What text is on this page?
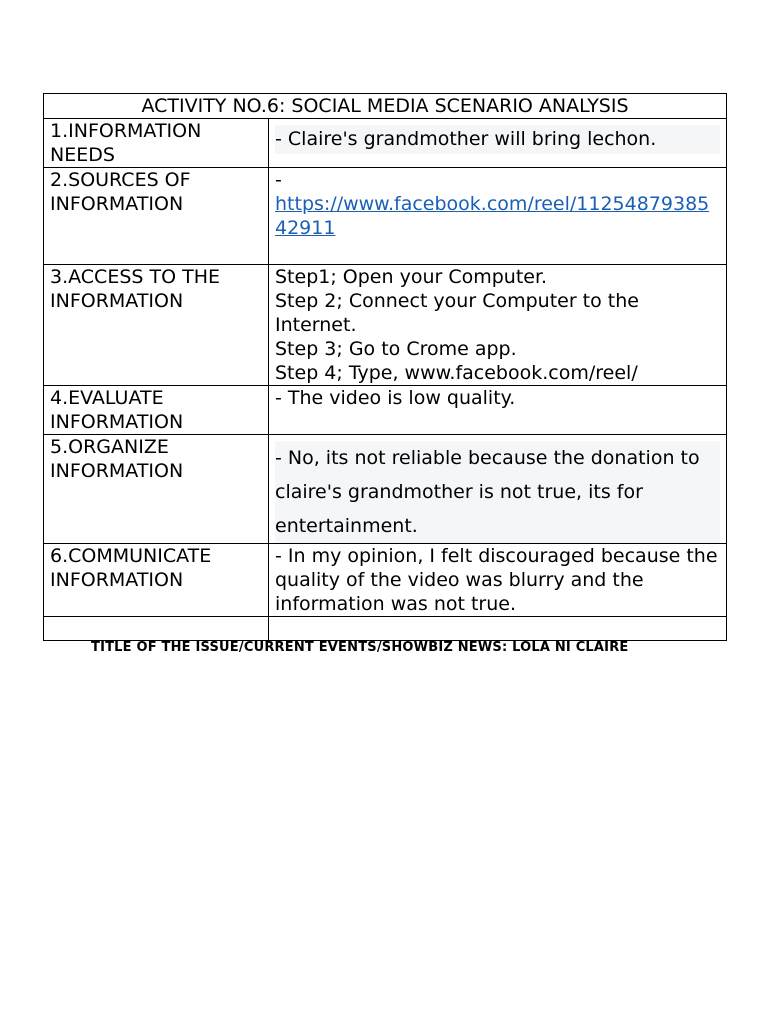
ACTIVITY NO.6: SOCIAL MEDIA SCENARIO ANALYSIS	

1.INFORMATION
NEEDS	- Claire's grandmother will bring lechon.

2.SOURCES OF
INFORMATION	-
https://www.facebook.com/reel/1125487938542911

3.ACCESS TO THE
INFORMATION	Step1; Open your Computer.
Step 2; Connect your Computer to the Internet.
Step 3; Go to Crome app.
Step 4; Type, www.facebook.com/reel/

4.EVALUATE
INFORMATION	- The video is low quality.

5.ORGANIZE
INFORMATION	- No, its not reliable because the donation to claire's grandmother is not true, its for entertainment.

6.COMMUNICATE
INFORMATION	- In my opinion, I felt discouraged because the quality of the video was blurry and the information was not true.

TITLE OF THE ISSUE/CURRENT EVENTS/SHOWBIZ NEWS: LOLA NI CLAIRE
